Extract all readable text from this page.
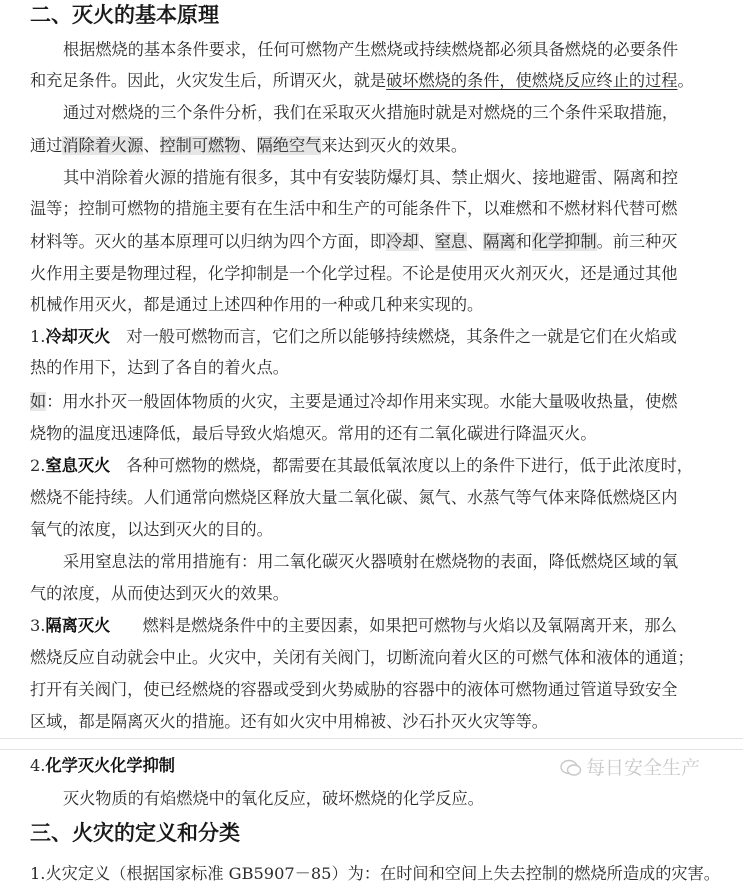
二、灭火的基本原理
根据燃烧的基本条件要求，任何可燃物产生燃烧或持续燃烧都必须具备燃烧的必要条件
和充足条件。因此，火灾发生后，所谓灭火，就是破坏燃烧的条件，使燃烧反应终止的过程。
通过对燃烧的三个条件分析，我们在采取灭火措施时就是对燃烧的三个条件采取措施，
通过消除着火源、控制可燃物、隔绝空气来达到灭火的效果。
其中消除着火源的措施有很多，其中有安装防爆灯具、禁止烟火、接地避雷、隔离和控
温等；控制可燃物的措施主要有在生活中和生产的可能条件下，以难燃和不燃材料代替可燃
材料等。灭火的基本原理可以归纳为四个方面，即冷却、窒息、隔离和化学抑制。前三种灭
火作用主要是物理过程，化学抑制是一个化学过程。不论是使用灭火剂灭火，还是通过其他
机械作用灭火，都是通过上述四种作用的一种或几种来实现的。
1.冷却灭火　对一般可燃物而言，它们之所以能够持续燃烧，其条件之一就是它们在火焰或
热的作用下，达到了各自的着火点。
如：用水扑灭一般固体物质的火灾，主要是通过冷却作用来实现。水能大量吸收热量，使燃
烧物的温度迅速降低，最后导致火焰熄灭。常用的还有二氧化碳进行降温灭火。
2.窒息灭火　各种可燃物的燃烧，都需要在其最低氧浓度以上的条件下进行，低于此浓度时，
燃烧不能持续。人们通常向燃烧区释放大量二氧化碳、氮气、水蒸气等气体来降低燃烧区内
氧气的浓度，以达到灭火的目的。
采用窒息法的常用措施有：用二氧化碳灭火器喷射在燃烧物的表面，降低燃烧区域的氧
气的浓度，从而使达到灭火的效果。
3.隔离灭火　　燃料是燃烧条件中的主要因素，如果把可燃物与火焰以及氧隔离开来，那么
燃烧反应自动就会中止。火灾中，关闭有关阀门，切断流向着火区的可燃气体和液体的通道；
打开有关阀门，使已经燃烧的容器或受到火势威胁的容器中的液体可燃物通过管道导致安全
区域，都是隔离灭火的措施。还有如火灾中用棉被、沙石扑灭火灾等等。
4.化学灭火化学抑制
灭火物质的有焰燃烧中的氧化反应，破坏燃烧的化学反应。
三、火灾的定义和分类
1.火灾定义（根据国家标准 GB5907－85）为：在时间和空间上失去控制的燃烧所造成的灾害。
每日安全生产
